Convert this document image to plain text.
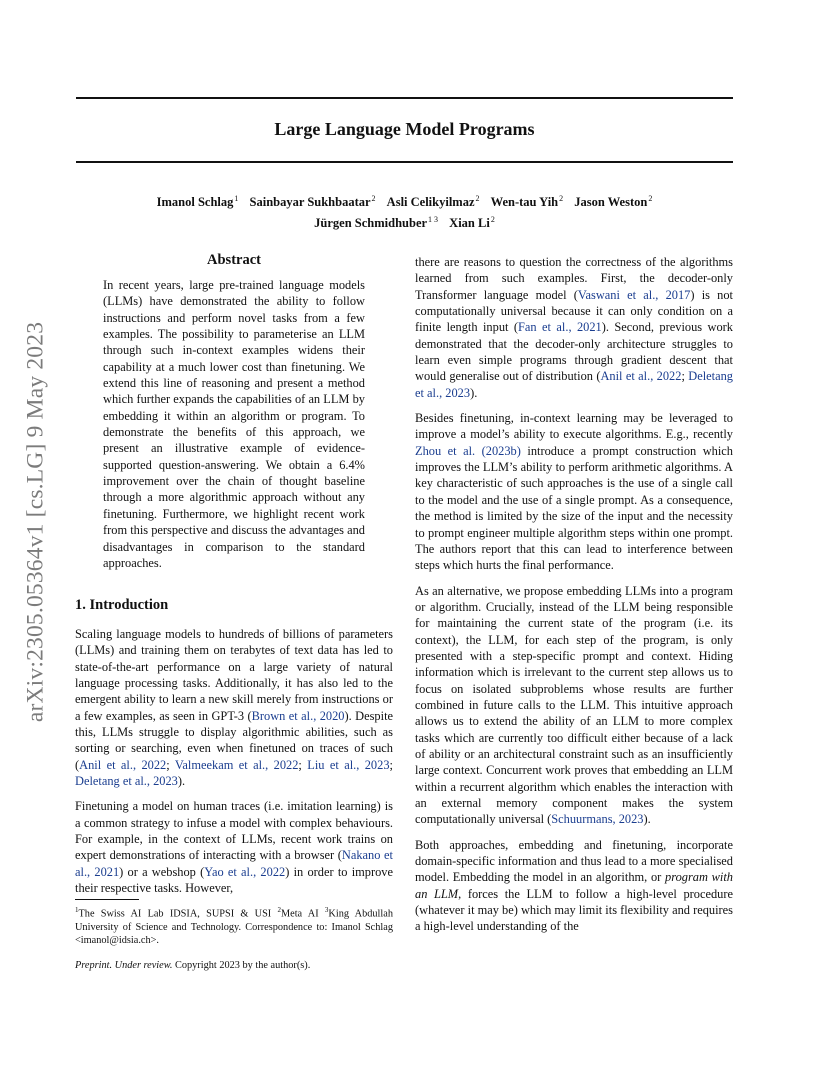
Large Language Model Programs
Imanol Schlag$^1$ Sainbayar Sukhbaatar$^2$ Asli Celikyilmaz$^2$ Wen-tau Yih$^2$ Jason Weston$^2$
Jürgen Schmidhuber$^{1 3}$ Xian Li$^2$
arXiv:2305.05364v1 [cs.LG] 9 May 2023
Abstract
In recent years, large pre-trained language models (LLMs) have demonstrated the ability to follow instructions and perform novel tasks from a few examples. The possibility to parameterise an LLM through such in-context examples widens their capability at a much lower cost than finetuning. We extend this line of reasoning and present a method which further expands the capabilities of an LLM by embedding it within an algorithm or program. To demonstrate the benefits of this approach, we present an illustrative example of evidence-supported question-answering. We obtain a 6.4% improvement over the chain of thought baseline through a more algorithmic approach without any finetuning. Furthermore, we highlight recent work from this perspective and discuss the advantages and disadvantages in comparison to the standard approaches.
1. Introduction

Scaling language models to hundreds of billions of parameters (LLMs) and training them on terabytes of text data has led to state-of-the-art performance on a large variety of natural language processing tasks. Additionally, it has also led to the emergent ability to learn a new skill merely from instructions or a few examples, as seen in GPT-3 (Brown et al., 2020). Despite this, LLMs struggle to display algorithmic abilities, such as sorting or searching, even when finetuned on traces of such (Anil et al., 2022; Valmeekam et al., 2022; Liu et al., 2023; Deletang et al., 2023).

Finetuning a model on human traces (i.e. imitation learning) is a common strategy to infuse a model with complex behaviours. For example, in the context of LLMs, recent work trains on expert demonstrations of interacting with a browser (Nakano et al., 2021) or a webshop (Yao et al., 2022) in order to improve their respective tasks. However,

$^1$The Swiss AI Lab IDSIA, SUPSI & USI $^2$Meta AI $^3$King Abdullah University of Science and Technology. Correspondence to: Imanol Schlag <imanol@idsia.ch>.
Preprint. Under review. Copyright 2023 by the author(s).

there are reasons to question the correctness of the algorithms learned from such examples. First, the decoder-only Transformer language model (Vaswani et al., 2017) is not computationally universal because it can only condition on a finite length input (Fan et al., 2021). Second, previous work demonstrated that the decoder-only architecture struggles to learn even simple programs through gradient descent that would generalise out of distribution (Anil et al., 2022; Deletang et al., 2023).

Besides finetuning, in-context learning may be leveraged to improve a model’s ability to execute algorithms. E.g., recently Zhou et al. (2023b) introduce a prompt construction which improves the LLM’s ability to perform arithmetic algorithms. A key characteristic of such approaches is the use of a single call to the model and the use of a single prompt. As a consequence, the method is limited by the size of the input and the necessity to prompt engineer multiple algorithm steps within one prompt. The authors report that this can lead to interference between steps which hurts the final performance.

As an alternative, we propose embedding LLMs into a program or algorithm. Crucially, instead of the LLM being responsible for maintaining the current state of the program (i.e. its context), the LLM, for each step of the program, is only presented with a step-specific prompt and context. Hiding information which is irrelevant to the current step allows us to focus on isolated subproblems whose results are further combined in future calls to the LLM. This intuitive approach allows us to extend the ability of an LLM to more complex tasks which are currently too difficult either because of a lack of ability or an architectural constraint such as an insufficiently large context. Concurrent work proves that embedding an LLM within a recurrent algorithm which enables the interaction with an external memory component makes the system computationally universal (Schuurmans, 2023).

Both approaches, embedding and finetuning, incorporate domain-specific information and thus lead to a more specialised model. Embedding the model in an algorithm, or program with an LLM, forces the LLM to follow a high-level procedure (whatever it may be) which may limit its flexibility and requires a high-level understanding of the
